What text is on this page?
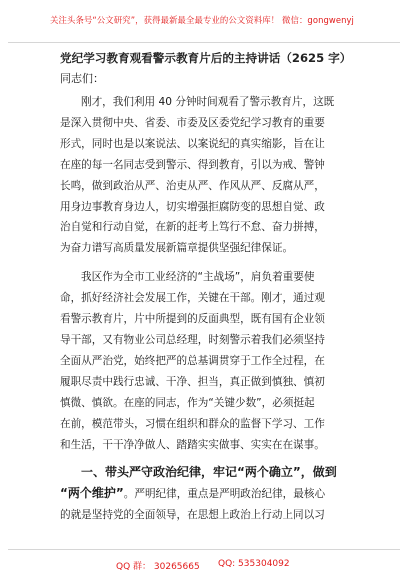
关注头条号“公文研究”，获得最新最全最专业的公文资料库！ 微信：gongwenyj
党纪学习教育观看警示教育片后的主持讲话（2625 字）
同志们：
刚才，我们利用 40 分钟时间观看了警示教育片，这既
是深入贯彻中央、省委、市委及区委党纪学习教育的重要
形式，同时也是以案说法、以案说纪的真实缩影，旨在让
在座的每一名同志受到警示、得到教育，引以为戒、警钟
长鸣，做到政治从严、治吏从严、作风从严、反腐从严，
用身边事教育身边人，切实增强拒腐防变的思想自觉、政
治自觉和行动自觉，在新的赶考上笃行不怠、奋力拼搏，
为奋力谱写高质量发展新篇章提供坚强纪律保证。
我区作为全市工业经济的“主战场”，肩负着重要使
命，抓好经济社会发展工作，关键在干部。刚才，通过观
看警示教育片，片中所提到的反面典型，既有国有企业领
导干部，又有物业公司总经理，时刻警示着我们必须坚持
全面从严治党，始终把严的总基调贯穿于工作全过程，在
履职尽责中践行忠诚、干净、担当，真正做到慎独、慎初
慎微、慎欲。在座的同志，作为“关键少数”，必须挺起
在前，模范带头，习惯在组织和群众的监督下学习、工作
和生活，干干净净做人、踏踏实实做事、实实在在谋事。
一、带头严守政治纪律，牢记“两个确立”，做到
“两个维护”。严明纪律，重点是严明政治纪律，最核心
的就是坚持党的全面领导，在思想上政治上行动上同以习
QQ 群： 30265665 QQ: 535304092
